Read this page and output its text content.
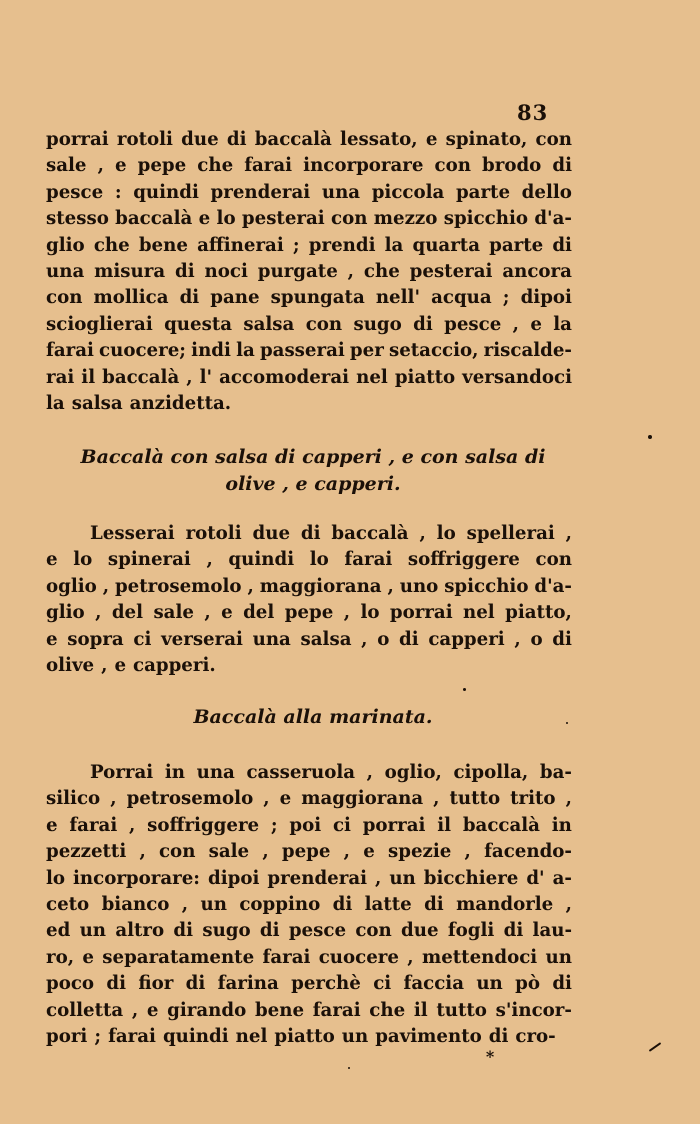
83
porrai rotoli due di baccalà lessato, e spinato, con
sale , e pepe che farai incorporare con brodo di
pesce : quindi prenderai una piccola parte dello
stesso baccalà e lo pesterai con mezzo spicchio d'a-
glio che bene affinerai ; prendi la quarta parte di
una misura di noci purgate , che pesterai ancora
con mollica di pane spungata nell' acqua ; dipoi
scioglierai questa salsa con sugo di pesce , e la
farai cuocere; indi la passerai per setaccio, riscalde-
rai il baccalà , l' accomoderai nel piatto versandoci
la salsa anzidetta.
Baccalà con salsa di capperi , e con salsa di
olive , e capperi.
Lesserai rotoli due di baccalà , lo spellerai ,
e lo spinerai , quindi lo farai soffriggere con
oglio , petrosemolo , maggiorana , uno spicchio d'a-
glio , del sale , e del pepe , lo porrai nel piatto,
e sopra ci verserai una salsa , o di capperi , o di
olive , e capperi.
Baccalà alla marinata.
Porrai in una casseruola , oglio, cipolla, ba-
silico , petrosemolo , e maggiorana , tutto trito ,
e farai , soffriggere ; poi ci porrai il baccalà in
pezzetti , con sale , pepe , e spezie , facendo-
lo incorporare: dipoi prenderai , un bicchiere d' a-
ceto bianco , un coppino di latte di mandorle ,
ed un altro di sugo di pesce con due fogli di lau-
ro, e separatamente farai cuocere , mettendoci un
poco di fior di farina perchè ci faccia un pò di
colletta , e girando bene farai che il tutto s'incor-
pori ; farai quindi nel piatto un pavimento di cro-
*
